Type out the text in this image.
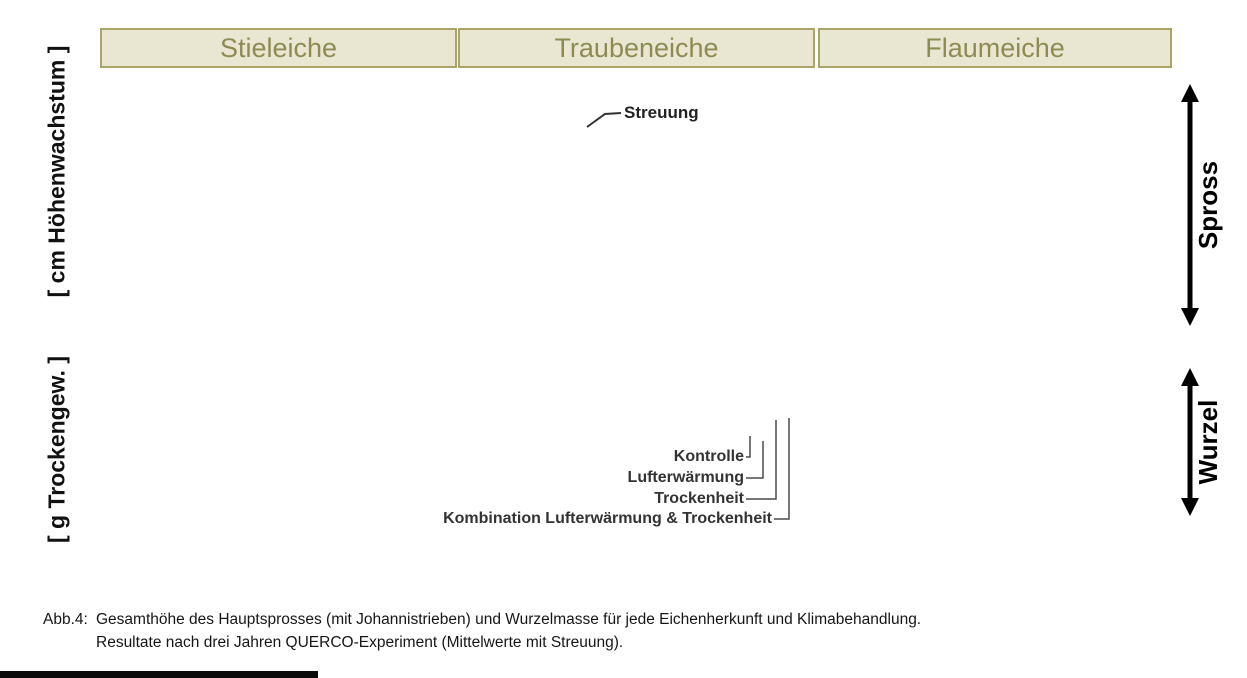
[ cm Höhenwachstum ]
[ g Trockengew. ]
Stieleiche	Traubeneiche	Flaumeiche
Streuung
Spross
Wurzel
Kontrolle
Lufterwärmung
Trockenheit
Kombination Lufterwärmung & Trockenheit
Abb.4: Gesamthöhe des Hauptsprosses (mit Johannistrieben) und Wurzelmasse für jede Eichenherkunft und Klimabehandlung.
Resultate nach drei Jahren QUERCO-Experiment (Mittelwerte mit Streuung).
